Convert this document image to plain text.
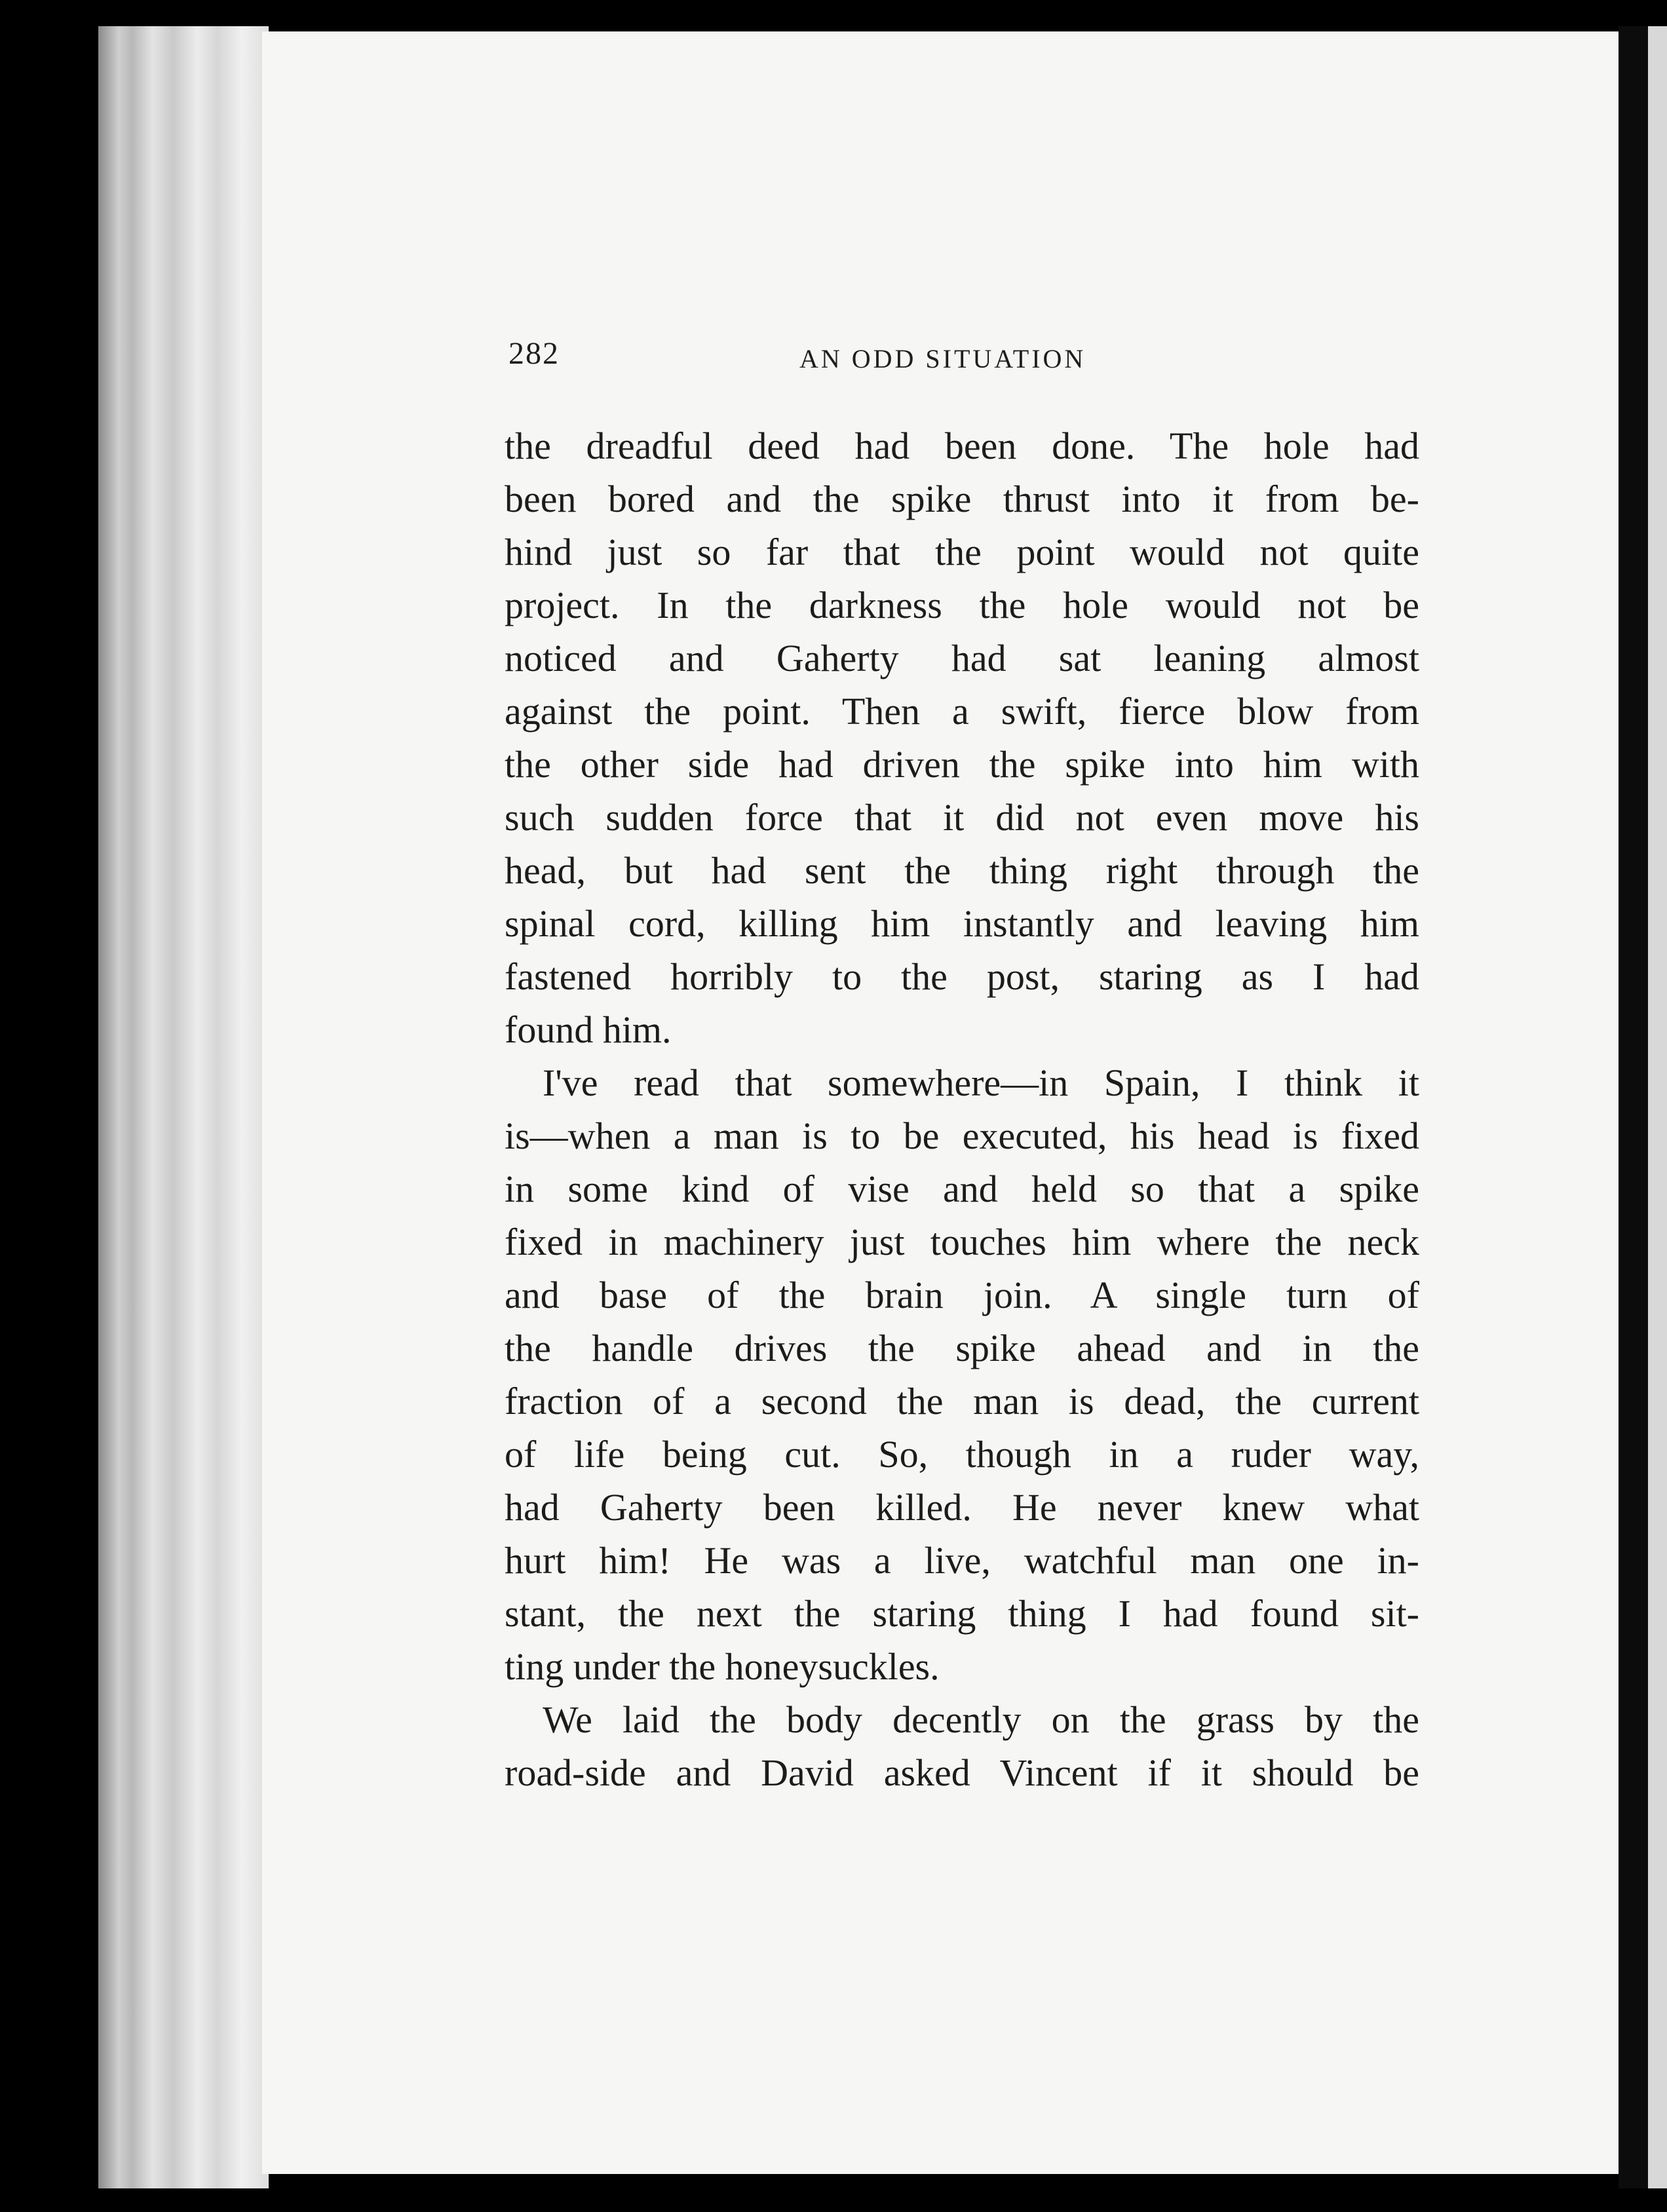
282	AN ODD SITUATION
the dreadful deed had been done. The hole had
been bored and the spike thrust into it from be-
hind just so far that the point would not quite
project. In the darkness the hole would not be
noticed and Gaherty had sat leaning almost
against the point. Then a swift, fierce blow from
the other side had driven the spike into him with
such sudden force that it did not even move his
head, but had sent the thing right through the
spinal cord, killing him instantly and leaving him
fastened horribly to the post, staring as I had
found him.
I've read that somewhere—in Spain, I think it
is—when a man is to be executed, his head is fixed
in some kind of vise and held so that a spike
fixed in machinery just touches him where the neck
and base of the brain join. A single turn of
the handle drives the spike ahead and in the
fraction of a second the man is dead, the current
of life being cut. So, though in a ruder way,
had Gaherty been killed. He never knew what
hurt him! He was a live, watchful man one in-
stant, the next the staring thing I had found sit-
ting under the honeysuckles.
We laid the body decently on the grass by the
road-side and David asked Vincent if it should be
